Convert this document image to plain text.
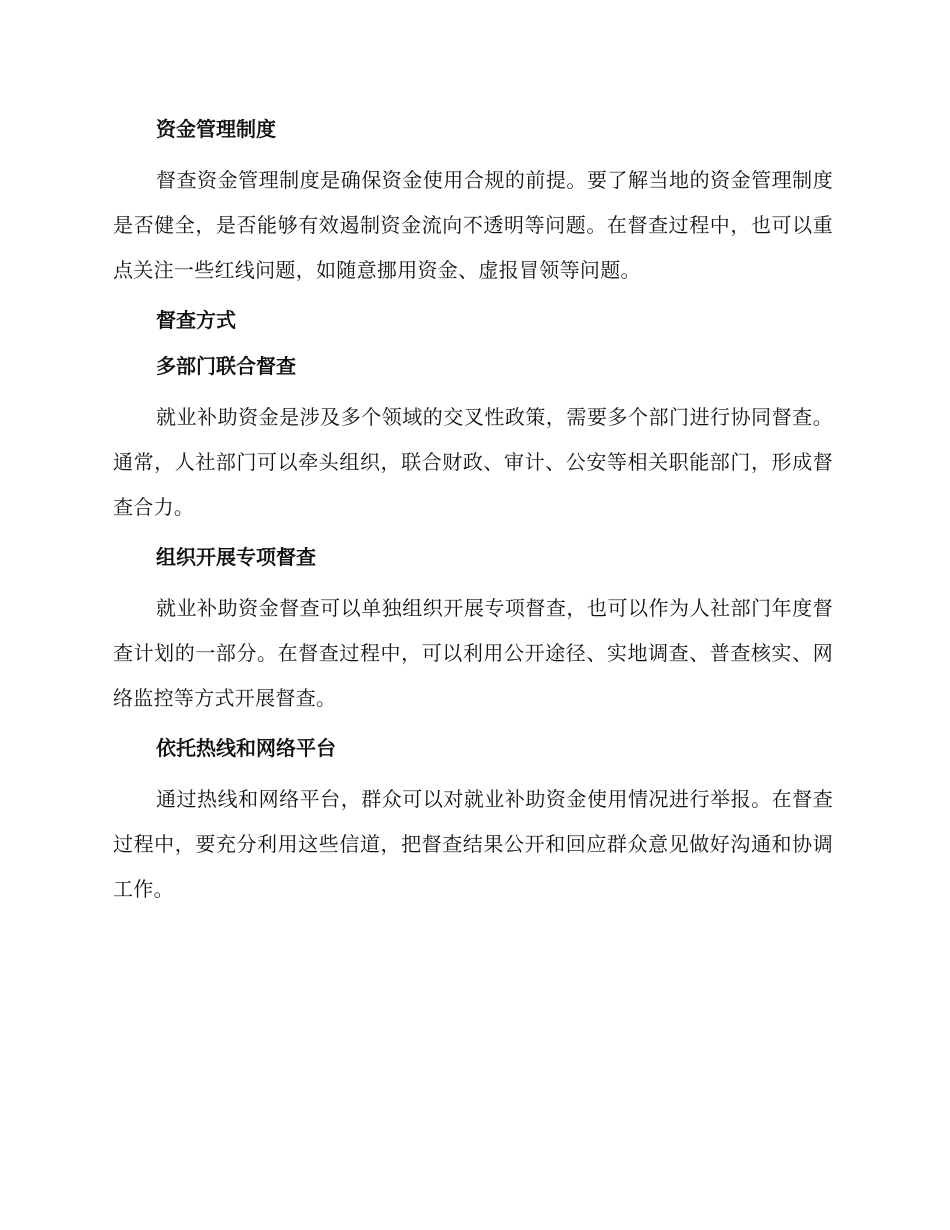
资金管理制度

督查资金管理制度是确保资金使用合规的前提。要了解当地的资金管理制度是否健全，是否能够有效遏制资金流向不透明等问题。在督查过程中，也可以重点关注一些红线问题，如随意挪用资金、虚报冒领等问题。

督查方式
多部门联合督查

就业补助资金是涉及多个领域的交叉性政策，需要多个部门进行协同督查。通常，人社部门可以牵头组织，联合财政、审计、公安等相关职能部门，形成督查合力。

组织开展专项督查

就业补助资金督查可以单独组织开展专项督查，也可以作为人社部门年度督查计划的一部分。在督查过程中，可以利用公开途径、实地调查、普查核实、网络监控等方式开展督查。

依托热线和网络平台

通过热线和网络平台，群众可以对就业补助资金使用情况进行举报。在督查过程中，要充分利用这些信道，把督查结果公开和回应群众意见做好沟通和协调工作。
